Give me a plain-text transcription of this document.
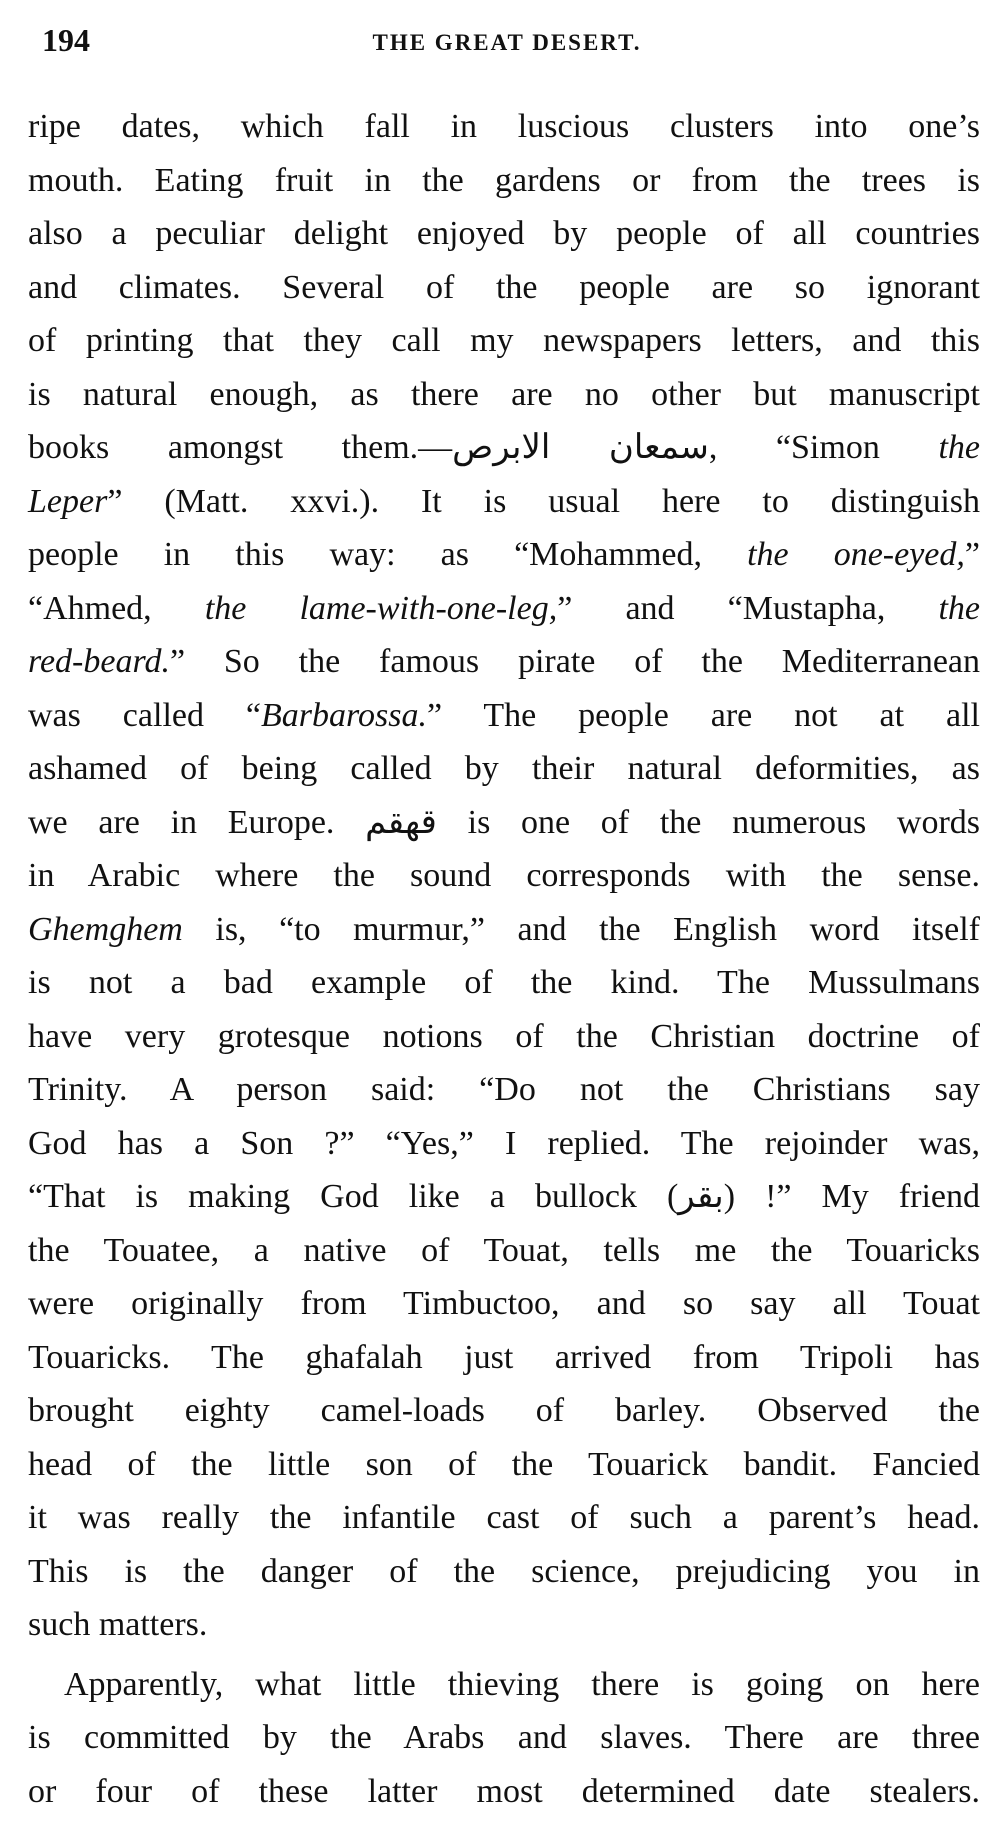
194	THE GREAT DESERT.
ripe dates, which fall in luscious clusters into one’s
mouth. Eating fruit in the gardens or from the trees is
also a peculiar delight enjoyed by people of all countries
and climates. Several of the people are so ignorant
of printing that they call my newspapers letters, and this
is natural enough, as there are no other but manuscript
books amongst them.—سمعان الابرص, “Simon the
Leper” (Matt. xxvi.). It is usual here to distinguish
people in this way: as “Mohammed, the one-eyed,”
“Ahmed, the lame-with-one-leg,” and “Mustapha, the
red-beard.” So the famous pirate of the Mediterranean
was called “Barbarossa.” The people are not at all
ashamed of being called by their natural deformities, as
we are in Europe. قهقم is one of the numerous words
in Arabic where the sound corresponds with the sense.
Ghemghem is, “to murmur,” and the English word itself
is not a bad example of the kind. The Mussulmans
have very grotesque notions of the Christian doctrine of
Trinity. A person said: “Do not the Christians say
God has a Son ?” “Yes,” I replied. The rejoinder was,
“That is making God like a bullock (بقر) !” My friend
the Touatee, a native of Touat, tells me the Touaricks
were originally from Timbuctoo, and so say all Touat
Touaricks. The ghafalah just arrived from Tripoli has
brought eighty camel-loads of barley. Observed the
head of the little son of the Touarick bandit. Fancied
it was really the infantile cast of such a parent’s head.
This is the danger of the science, prejudicing you in
such matters.
Apparently, what little thieving there is going on here
is committed by the Arabs and slaves. There are three
or four of these latter most determined date stealers.
